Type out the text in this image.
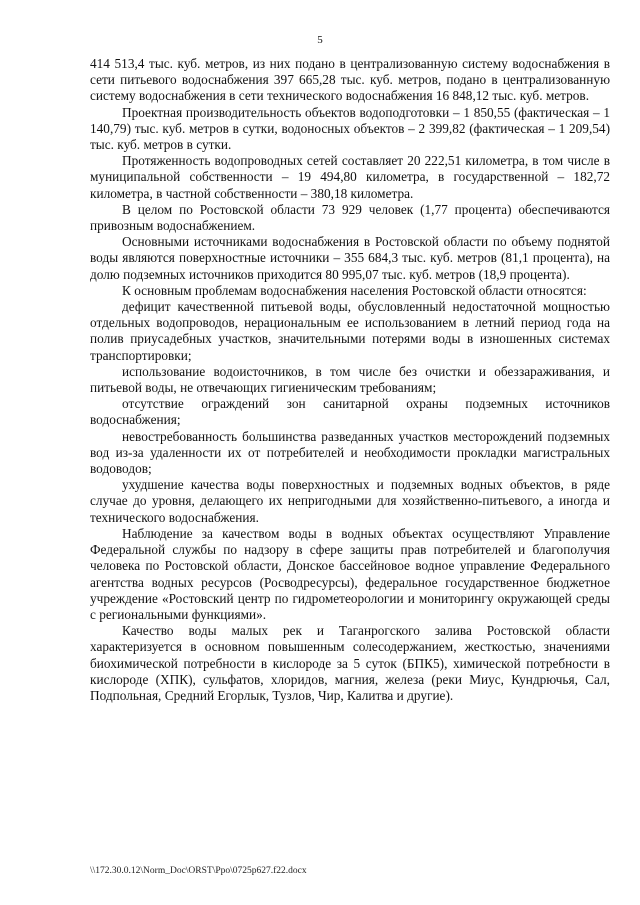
5

414 513,4 тыс. куб. метров, из них подано в централизованную систему водоснабжения в сети питьевого водоснабжения 397 665,28 тыс. куб. метров, подано в централизованную систему водоснабжения в сети технического водоснабжения 16 848,12 тыс. куб. метров.

Проектная производительность объектов водоподготовки – 1 850,55 (фактическая – 1 140,79) тыс. куб. метров в сутки, водоносных объектов – 2 399,82 (фактическая – 1 209,54) тыс. куб. метров в сутки.

Протяженность водопроводных сетей составляет 20 222,51 километра, в том числе в муниципальной собственности – 19 494,80 километра, в государственной – 182,72 километра, в частной собственности – 380,18 километра.

В целом по Ростовской области 73 929 человек (1,77 процента) обеспечиваются привозным водоснабжением.

Основными источниками водоснабжения в Ростовской области по объему поднятой воды являются поверхностные источники – 355 684,3 тыс. куб. метров (81,1 процента), на долю подземных источников приходится 80 995,07 тыс. куб. метров (18,9 процента).

К основным проблемам водоснабжения населения Ростовской области относятся:

дефицит качественной питьевой воды, обусловленный недостаточной мощностью отдельных водопроводов, нерациональным ее использованием в летний период года на полив приусадебных участков, значительными потерями воды в изношенных системах транспортировки;

использование водоисточников, в том числе без очистки и обеззараживания, и питьевой воды, не отвечающих гигиеническим требованиям;

отсутствие ограждений зон санитарной охраны подземных источников водоснабжения;

невостребованность большинства разведанных участков месторождений подземных вод из-за удаленности их от потребителей и необходимости прокладки магистральных водоводов;

ухудшение качества воды поверхностных и подземных водных объектов, в ряде случае до уровня, делающего их непригодными для хозяйственно-питьевого, а иногда и технического водоснабжения.

Наблюдение за качеством воды в водных объектах осуществляют Управление Федеральной службы по надзору в сфере защиты прав потребителей и благополучия человека по Ростовской области, Донское бассейновое водное управление Федерального агентства водных ресурсов (Росводресурсы), федеральное государственное бюджетное учреждение «Ростовский центр по гидрометеорологии и мониторингу окружающей среды с региональными функциями».

Качество воды малых рек и Таганрогского залива Ростовской области характеризуется в основном повышенным солесодержанием, жесткостью, значениями биохимической потребности в кислороде за 5 суток (БПК5), химической потребности в кислороде (ХПК), сульфатов, хлоридов, магния, железа (реки Миус, Кундрючья, Сал, Подпольная, Средний Егорлык, Тузлов, Чир, Калитва и другие).

\\172.30.0.12\Norm_Doc\ORST\Ppo\0725p627.f22.docx
